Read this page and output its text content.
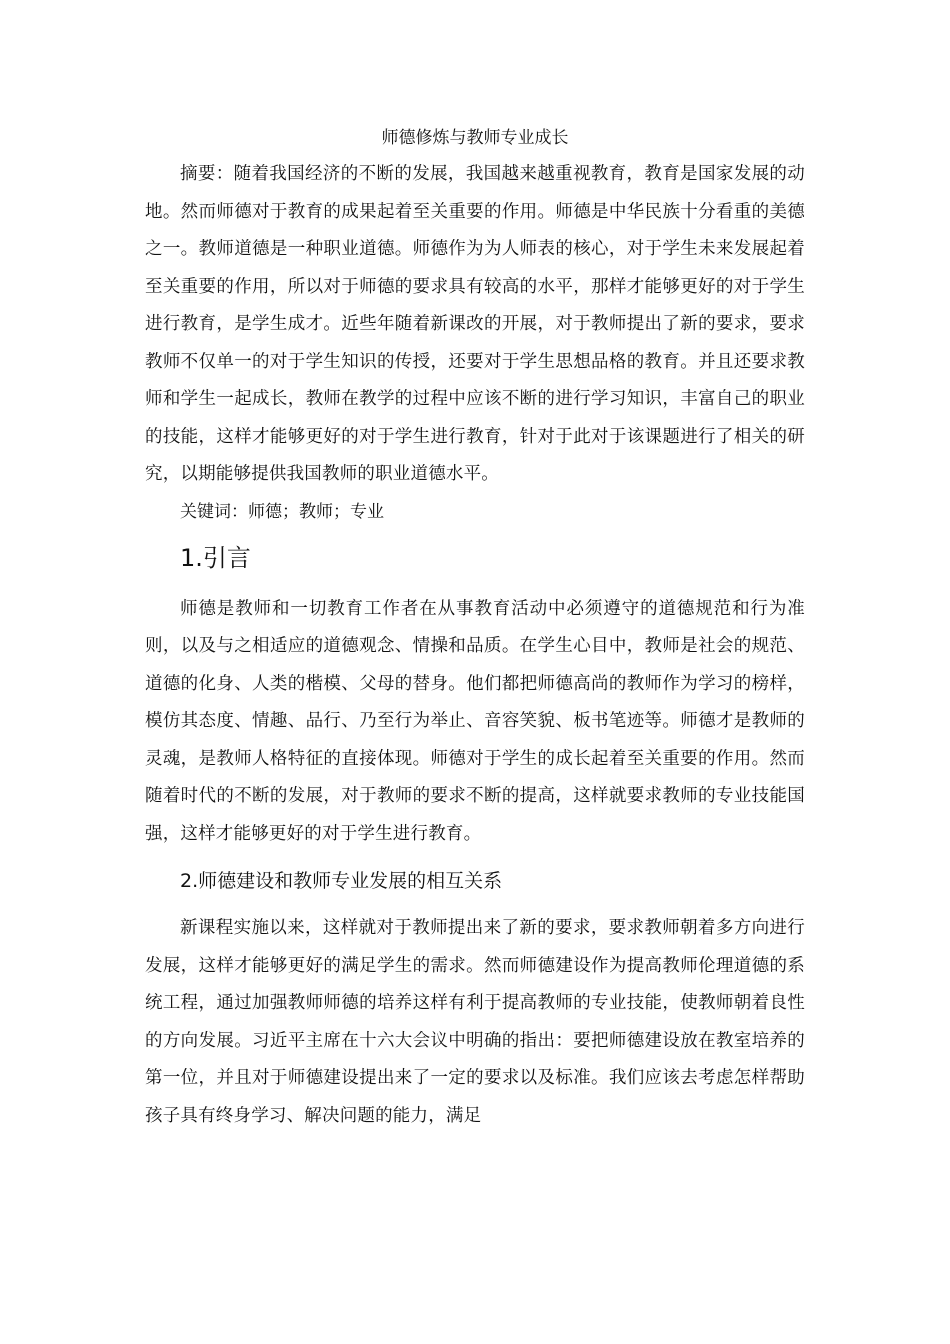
师德修炼与教师专业成长

摘要：随着我国经济的不断的发展，我国越来越重视教育，教育是国家发展的动地。然而师德对于教育的成果起着至关重要的作用。师德是中华民族十分看重的美德之一。教师道德是一种职业道德。师德作为为人师表的核心，对于学生未来发展起着至关重要的作用，所以对于师德的要求具有较高的水平，那样才能够更好的对于学生进行教育，是学生成才。近些年随着新课改的开展，对于教师提出了新的要求，要求教师不仅单一的对于学生知识的传授，还要对于学生思想品格的教育。并且还要求教师和学生一起成长，教师在教学的过程中应该不断的进行学习知识，丰富自己的职业的技能，这样才能够更好的对于学生进行教育，针对于此对于该课题进行了相关的研究，以期能够提供我国教师的职业道德水平。

关键词：师德；教师；专业

1.引言

师德是教师和一切教育工作者在从事教育活动中必须遵守的道德规范和行为准则，以及与之相适应的道德观念、情操和品质。在学生心目中，教师是社会的规范、道德的化身、人类的楷模、父母的替身。他们都把师德高尚的教师作为学习的榜样，模仿其态度、情趣、品行、乃至行为举止、音容笑貌、板书笔迹等。师德才是教师的灵魂，是教师人格特征的直接体现。师德对于学生的成长起着至关重要的作用。然而随着时代的不断的发展，对于教师的要求不断的提高，这样就要求教师的专业技能国强，这样才能够更好的对于学生进行教育。

2.师德建设和教师专业发展的相互关系

新课程实施以来，这样就对于教师提出来了新的要求，要求教师朝着多方向进行发展，这样才能够更好的满足学生的需求。然而师德建设作为提高教师伦理道德的系统工程，通过加强教师师德的培养这样有利于提高教师的专业技能，使教师朝着良性的方向发展。习近平主席在十六大会议中明确的指出：要把师德建设放在教室培养的第一位，并且对于师德建设提出来了一定的要求以及标准。我们应该去考虑怎样帮助孩子具有终身学习、解决问题的能力，满足
